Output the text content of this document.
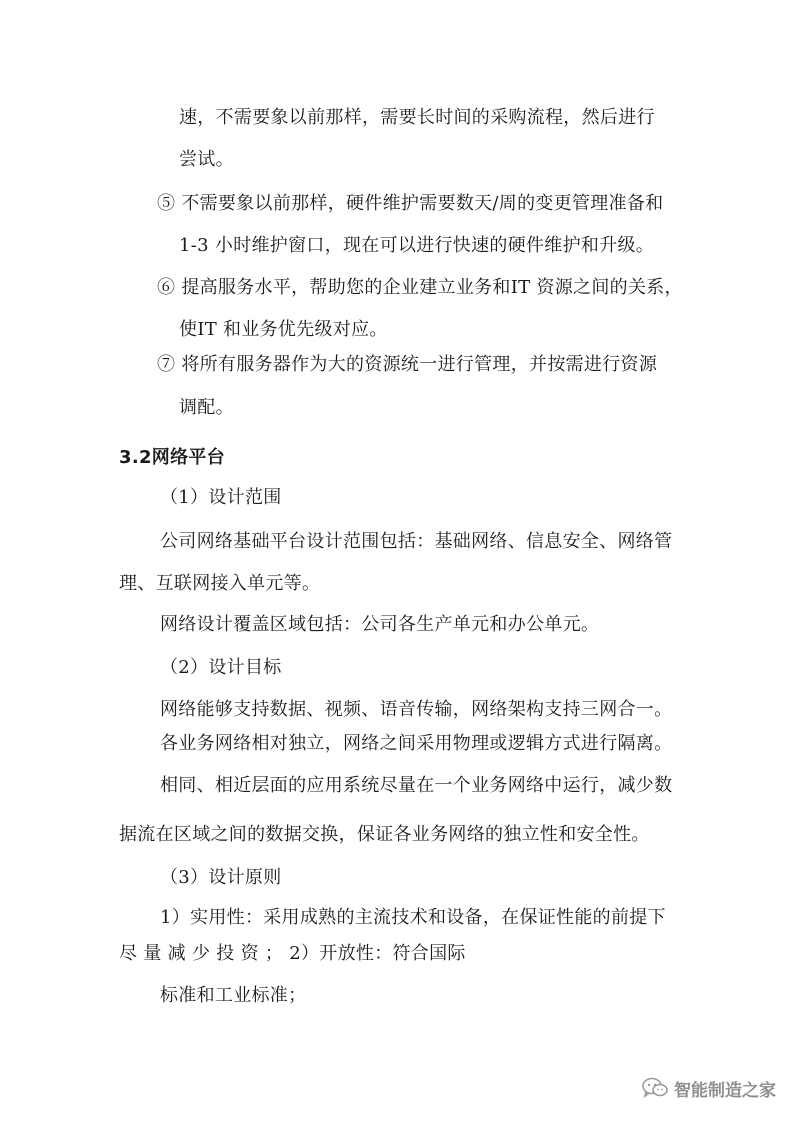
速，不需要象以前那样，需要长时间的采购流程，然后进行
尝试。
⑤ 不需要象以前那样，硬件维护需要数天/周的变更管理准备和
1-3 小时维护窗口，现在可以进行快速的硬件维护和升级。
⑥ 提高服务水平，帮助您的企业建立业务和IT 资源之间的关系，
使IT 和业务优先级对应。
⑦ 将所有服务器作为大的资源统一进行管理，并按需进行资源
调配。
3.2网络平台
（1）设计范围
公司网络基础平台设计范围包括：基础网络、信息安全、网络管
理、互联网接入单元等。
网络设计覆盖区域包括：公司各生产单元和办公单元。
（2）设计目标
网络能够支持数据、视频、语音传输，网络架构支持三网合一。
各业务网络相对独立，网络之间采用物理或逻辑方式进行隔离。
相同、相近层面的应用系统尽量在一个业务网络中运行，减少数
据流在区域之间的数据交换，保证各业务网络的独立性和安全性。
（3）设计原则
1）实用性：采用成熟的主流技术和设备，在保证性能的前提下
尽 量 减 少 投 资 ； 2）开放性：符合国际
标准和工业标准；
智能制造之家
